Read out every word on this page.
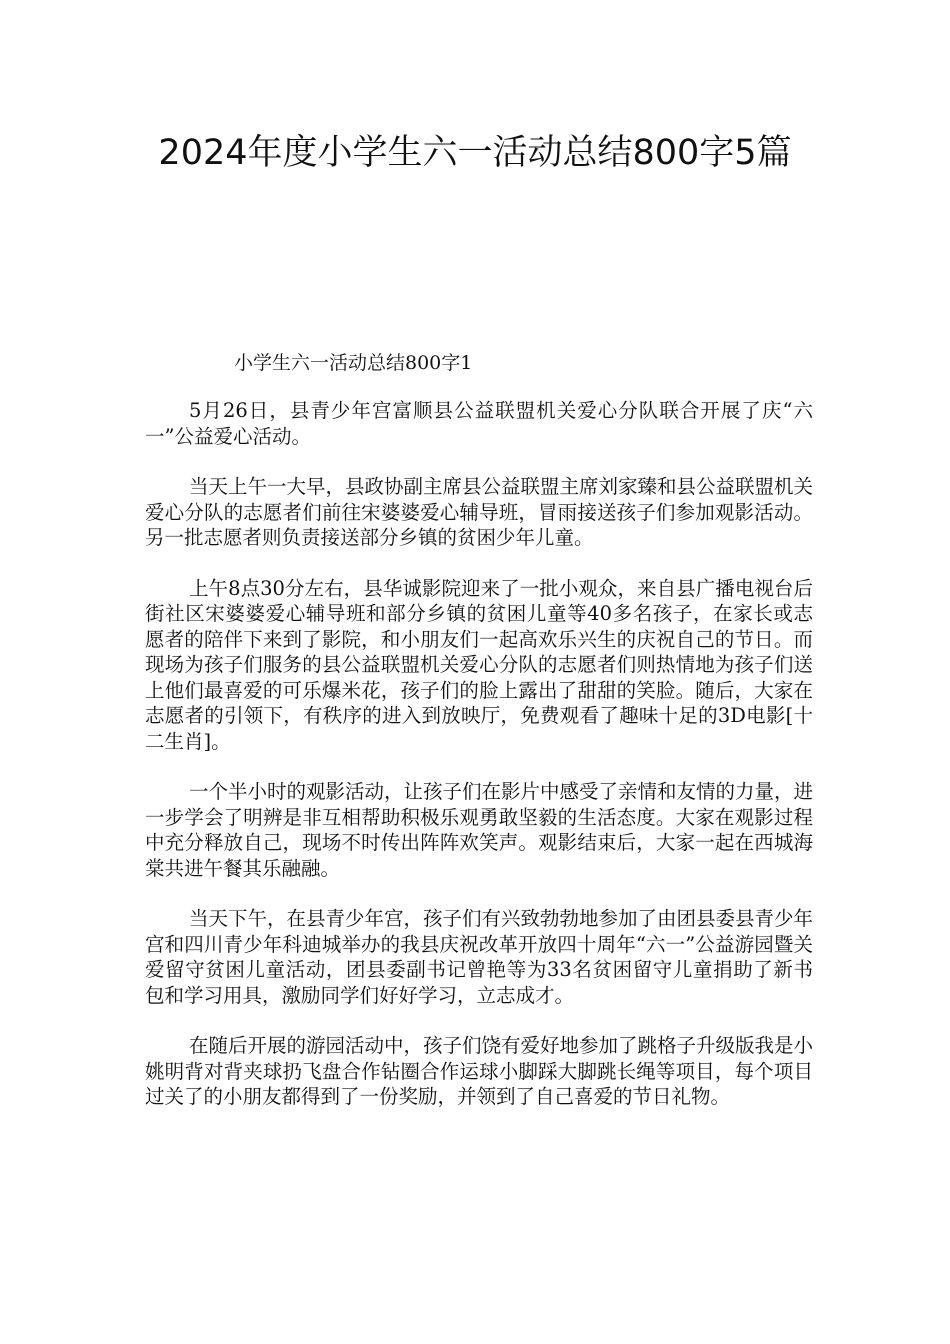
2024年度小学生六一活动总结800字5篇
小学生六一活动总结800字1

5月26日，县青少年宫富顺县公益联盟机关爱心分队联合开展了庆“六一”公益爱心活动。

当天上午一大早，县政协副主席县公益联盟主席刘家臻和县公益联盟机关爱心分队的志愿者们前往宋婆婆爱心辅导班，冒雨接送孩子们参加观影活动。另一批志愿者则负责接送部分乡镇的贫困少年儿童。

上午8点30分左右，县华诚影院迎来了一批小观众，来自县广播电视台后街社区宋婆婆爱心辅导班和部分乡镇的贫困儿童等40多名孩子，在家长或志愿者的陪伴下来到了影院，和小朋友们一起高欢乐兴生的庆祝自己的节日。而现场为孩子们服务的县公益联盟机关爱心分队的志愿者们则热情地为孩子们送上他们最喜爱的可乐爆米花，孩子们的脸上露出了甜甜的笑脸。随后，大家在志愿者的引领下，有秩序的进入到放映厅，免费观看了趣味十足的3D电影[十二生肖]。

一个半小时的观影活动，让孩子们在影片中感受了亲情和友情的力量，进一步学会了明辨是非互相帮助积极乐观勇敢坚毅的生活态度。大家在观影过程中充分释放自己，现场不时传出阵阵欢笑声。观影结束后，大家一起在西城海棠共进午餐其乐融融。

当天下午，在县青少年宫，孩子们有兴致勃勃地参加了由团县委县青少年宫和四川青少年科迪城举办的我县庆祝改革开放四十周年“六一”公益游园暨关爱留守贫困儿童活动，团县委副书记曾艳等为33名贫困留守儿童捐助了新书包和学习用具，激励同学们好好学习，立志成才。

在随后开展的游园活动中，孩子们饶有爱好地参加了跳格子升级版我是小姚明背对背夹球扔飞盘合作钻圈合作运球小脚踩大脚跳长绳等项目，每个项目过关了的小朋友都得到了一份奖励，并领到了自己喜爱的节日礼物。
